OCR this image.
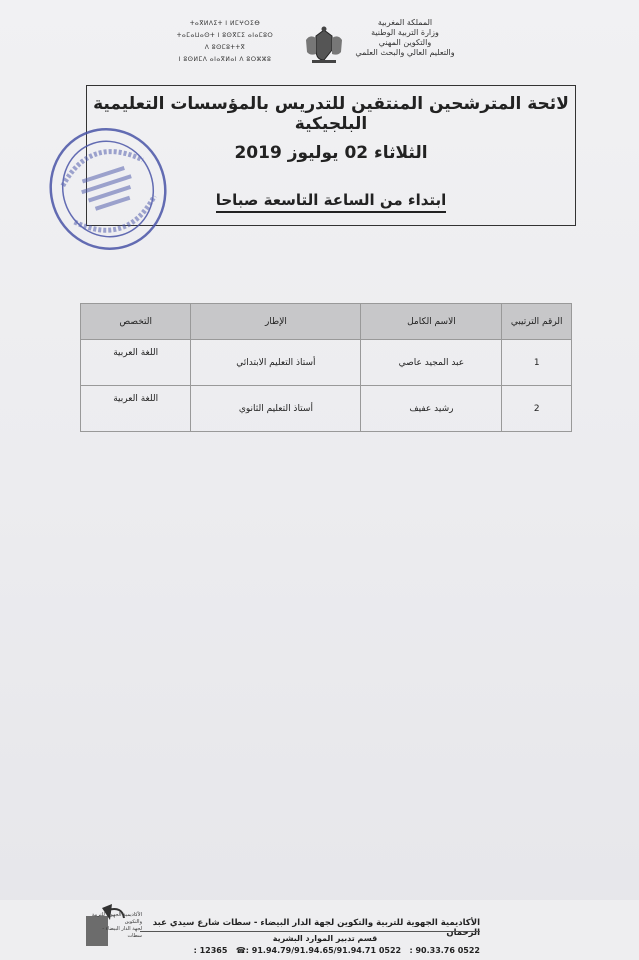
ⵜⴰⴳⵍⴷⵉⵜ ⵏ ⵍⵎⵖⵔⵉⴱ
ⵜⴰⵎⴰⵡⴰⵙⵜ ⵏ ⵓⵙⴳⵎⵉ ⴰⵏⴰⵎⵓⵔ
ⴷ ⵓⵙⵎⵓⵜⵜⴳ
ⵏ ⵓⵙⵍⵎⴷ ⴰⵏⴰⴳⵍⴰⵏ ⴷ ⵓⵔⵣⵣⵓ
المملكة المغربية
وزارة التربية الوطنية
والتكوين المهني
والتعليم العالي والبحث العلمي
لائحة المترشحين المنتقين للتدريس بالمؤسسات التعليمية البلجيكية
الثلاثاء 02 يوليوز 2019
ابتداء من الساعة التاسعة صباحا
الرقم الترتيبي	الاسم الكامل	الإطار	التخصص
1	عبد المجيد عاصي	أستاذ التعليم الابتدائي	اللغة العربية
2	رشيد عفيف	أستاذ التعليم الثانوي	اللغة العربية
الأكاديمية الجهوية للتربية والتكوين
لجهة الدار البيضاء - سطات
الأكاديمية الجهوية للتربية والتكوين لجهة الدار البيضاء - سطات شارع سيدي عبد الرحمان
قسم تدبير الموارد البشرية
0522 90.33.76 :   0522 91.94.79/91.94.65/91.94.71 :☎   12365 :
